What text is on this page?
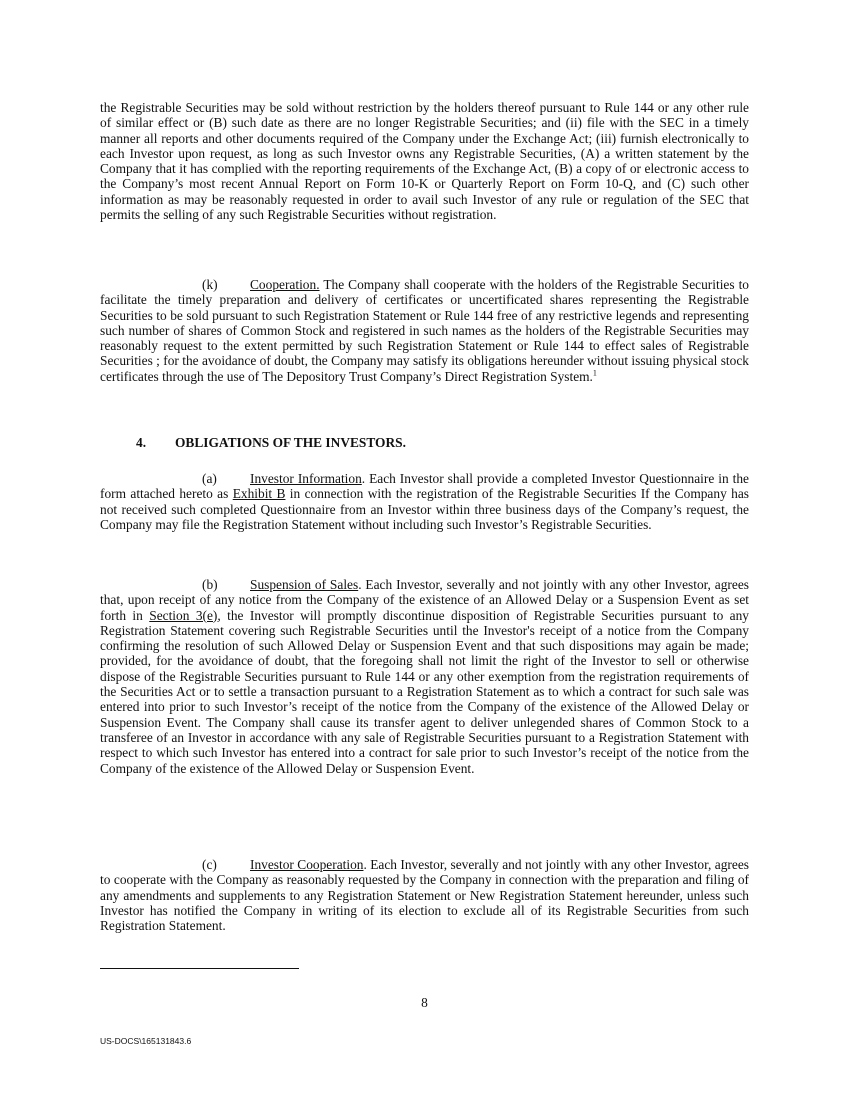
the Registrable Securities may be sold without restriction by the holders thereof pursuant to Rule 144 or any other rule of similar effect or (B) such date as there are no longer Registrable Securities; and (ii) file with the SEC in a timely manner all reports and other documents required of the Company under the Exchange Act; (iii) furnish electronically to each Investor upon request, as long as such Investor owns any Registrable Securities, (A) a written statement by the Company that it has complied with the reporting requirements of the Exchange Act, (B) a copy of or electronic access to the Company’s most recent Annual Report on Form 10-K or Quarterly Report on Form 10-Q, and (C) such other information as may be reasonably requested in order to avail such Investor of any rule or regulation of the SEC that permits the selling of any such Registrable Securities without registration.

(k) Cooperation. The Company shall cooperate with the holders of the Registrable Securities to facilitate the timely preparation and delivery of certificates or uncertificated shares representing the Registrable Securities to be sold pursuant to such Registration Statement or Rule 144 free of any restrictive legends and representing such number of shares of Common Stock and registered in such names as the holders of the Registrable Securities may reasonably request to the extent permitted by such Registration Statement or Rule 144 to effect sales of Registrable Securities ; for the avoidance of doubt, the Company may satisfy its obligations hereunder without issuing physical stock certificates through the use of The Depository Trust Company’s Direct Registration System.$^1$

4. OBLIGATIONS OF THE INVESTORS.

(a) Investor Information. Each Investor shall provide a completed Investor Questionnaire in the form attached hereto as Exhibit B in connection with the registration of the Registrable Securities If the Company has not received such completed Questionnaire from an Investor within three business days of the Company’s request, the Company may file the Registration Statement without including such Investor’s Registrable Securities.

(b) Suspension of Sales. Each Investor, severally and not jointly with any other Investor, agrees that, upon receipt of any notice from the Company of the existence of an Allowed Delay or a Suspension Event as set forth in Section 3(e), the Investor will promptly discontinue disposition of Registrable Securities pursuant to any Registration Statement covering such Registrable Securities until the Investor's receipt of a notice from the Company confirming the resolution of such Allowed Delay or Suspension Event and that such dispositions may again be made; provided, for the avoidance of doubt, that the foregoing shall not limit the right of the Investor to sell or otherwise dispose of the Registrable Securities pursuant to Rule 144 or any other exemption from the registration requirements of the Securities Act or to settle a transaction pursuant to a Registration Statement as to which a contract for such sale was entered into prior to such Investor’s receipt of the notice from the Company of the existence of the Allowed Delay or Suspension Event. The Company shall cause its transfer agent to deliver unlegended shares of Common Stock to a transferee of an Investor in accordance with any sale of Registrable Securities pursuant to a Registration Statement with respect to which such Investor has entered into a contract for sale prior to such Investor’s receipt of the notice from the Company of the existence of the Allowed Delay or Suspension Event.

(c) Investor Cooperation. Each Investor, severally and not jointly with any other Investor, agrees to cooperate with the Company as reasonably requested by the Company in connection with the preparation and filing of any amendments and supplements to any Registration Statement or New Registration Statement hereunder, unless such Investor has notified the Company in writing of its election to exclude all of its Registrable Securities from such Registration Statement.

8

US-DOCS\165131843.6
